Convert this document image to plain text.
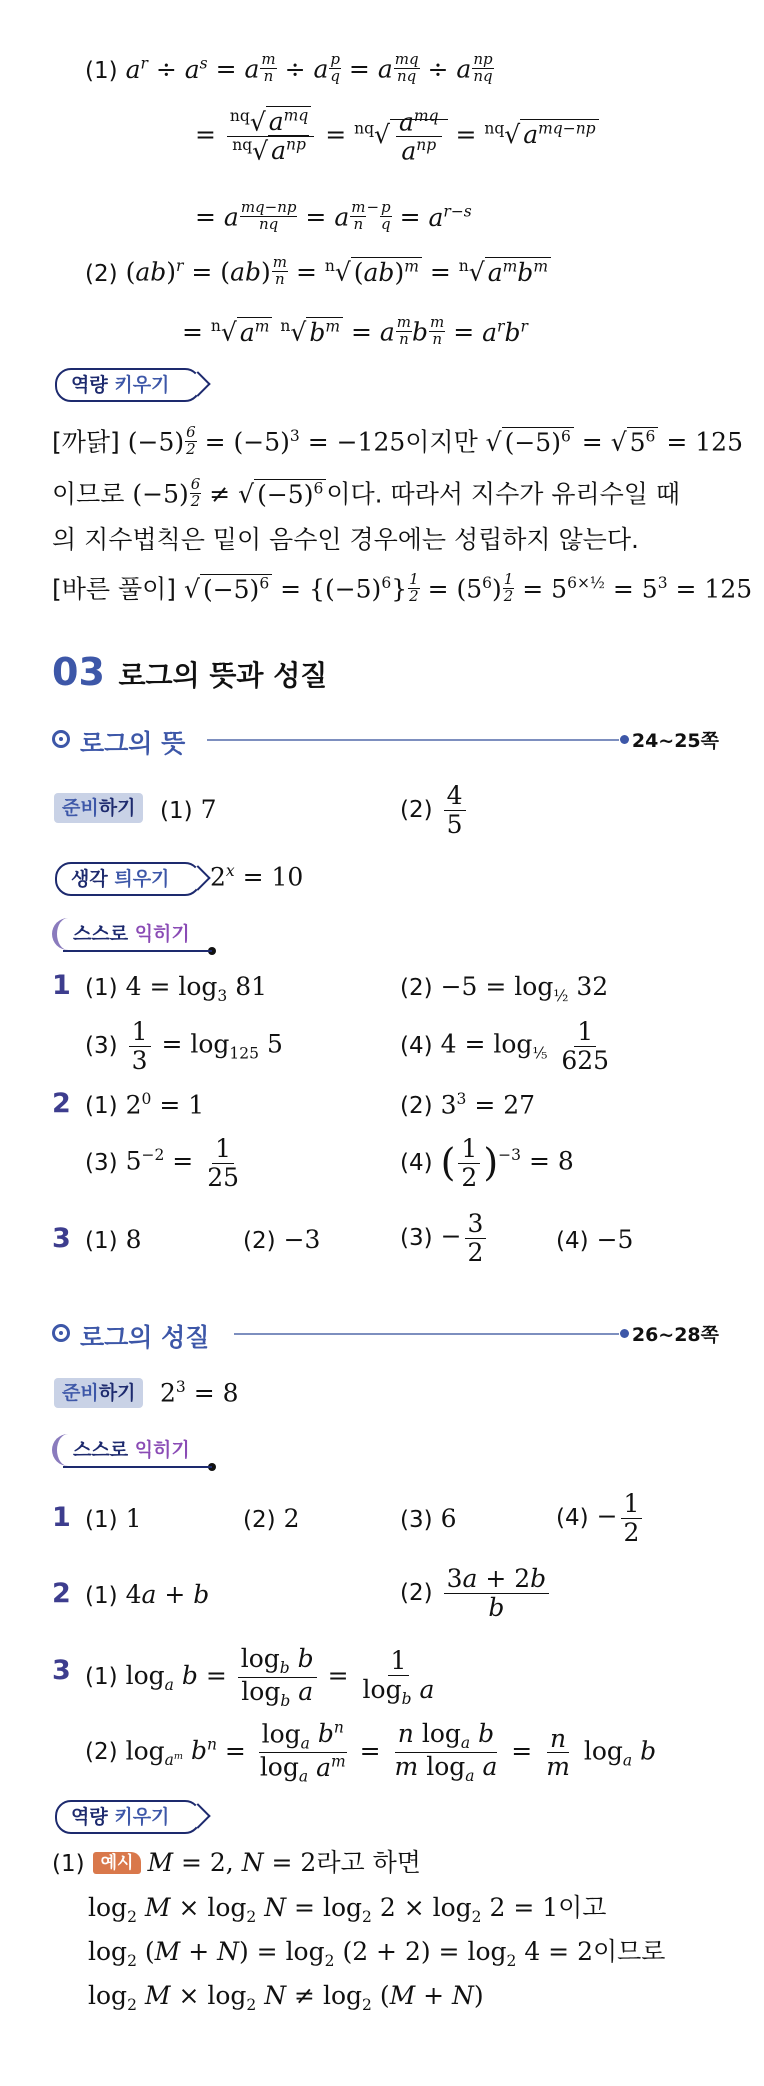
(1) $a^r \div a^s = a \frac{m}{n} \div a \frac{p}{q} = a \frac{mq}{nq} \div a \frac{np}{nq}$
= $\frac{^{nq}√ a^{mq}}{^{nq}√ a^{np}} = ^{nq}√ \frac{a^{mq}}{a^{np}} = ^{nq}√$ $a^{mq-np}$
= a $\frac{mq-np}{nq} = a \frac{m}{n} ^- \frac{p}{q} = a^{r-s}$
(2) $(ab)^r = (ab) \frac{m}{n} = ^n√$ (ab)$^m$ = $^n$√ $a^mb^m$
= $^n$√ $a^m$ $^n$√ $b^m = a \frac{m}{n}$ b $\frac{m}{n} = a^rb^r$
역량 키우기
[까닭] $(-5) \frac{6}{2} = (-5)^3 = -125$이지만 √ $(-5)^6$ = √ $5^6 = 125$
이므로 $(-5) \frac{6}{2}$ ≠ √ $(-5)^6$ 이다. 따라서 지수가 유리수일 때
의 지수법칙은 밑이 음수인 경우에는 성립하지 않는다.
[바른 풀이] √ $(-5)^6 = \{(-5)^6\} \frac{1}{2} = (5^6) \frac{1}{2} = 5^{6\times\frac{1}{2}} = 5^3 = 125$
03 로그의 뜻과 성질
로그의 뜻	24~25쪽
준비하기	(1) 7	$(2) \frac{4}{5}$
생각 틔우기	$2^x = 10$
스스로 익히기
1 (1) $4 = \log_3 81$	$(2) -5 = \log_{\frac{1}{2}} 32$
$(3) \frac{1}{3} = \log_{125} 5$	(4) $4 = \log_{\frac{1}{5}} \frac{1}{625}$
2 (1) $2^0 = 1$	(2) $3^3 = 27$
(3) $5^{-2} = \frac{1}{25}$	(4) ( $\frac{1}{2} )^{-3} = 8$
3 (1) 8	(2) −3	$(3) - \frac{3}{2}$	(4) −5
로그의 성질	26~28쪽
준비하기 $2^3 = 8$
스스로 익히기
1 (1) 1	(2) 2	(3) 6	$(4) - \frac{1}{2}$
2 (1) 4a + b	$(2) \frac{3a + 2b}{b}$
3 (1) $\log_a b = \frac{\log_b b}{\log_b a} = \frac{1}{\log_b a}$
(2) $\log_{a^m} b^n = \frac{\log_a b^n}{\log_a a^m} = \frac{n \log_a b}{m \log_a a} = \frac{n}{m} \log_a b$
역량 키우기
(1) 예시 M = 2, N = 2라고 하면
$\log_2 M \times \log_2 N = \log_2 2 \times \log_2 2 = 1$이고
$\log_2 (M + N) = \log_2 (2 + 2) = \log_2 4 = 2$이므로
$\log_2 M \times \log_2 N \ne \log_2 (M + N)$
